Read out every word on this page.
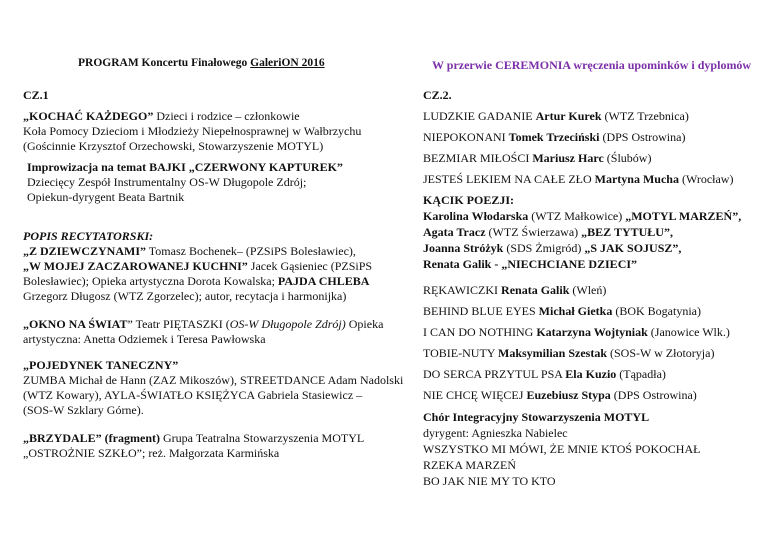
PROGRAM Koncertu Finałowego GaleriON 2016
CZ.1
„KOCHAĆ KAŻDEGO” Dzieci i rodzice – członkowie
Koła Pomocy Dzieciom i Młodzieży Niepełnosprawnej w Wałbrzychu
(Gościnnie Krzysztof Orzechowski, Stowarzyszenie MOTYL)
Improwizacja na temat BAJKI „CZERWONY KAPTUREK”
Dziecięcy Zespół Instrumentalny OS-W Długopole Zdrój;
Opiekun-dyrygent Beata Bartnik
POPIS RECYTATORSKI:
„Z DZIEWCZYNAMI” Tomasz Bochenek– (PZSiPS Bolesławiec),
„W MOJEJ ZACZAROWANEJ KUCHNI” Jacek Gąsieniec (PZSiPS
Bolesławiec); Opieka artystyczna Dorota Kowalska; PAJDA CHLEBA
Grzegorz Długosz (WTZ Zgorzelec); autor, recytacja i harmonijka)
„OKNO NA ŚWIAT” Teatr PIĘTASZKI (OS-W Długopole Zdrój) Opieka
artystyczna: Anetta Odziemek i Teresa Pawłowska
„POJEDYNEK TANECZNY”
ZUMBA Michał de Hann (ZAZ Mikoszów), STREETDANCE Adam Nadolski
(WTZ Kowary), AYLA-ŚWIATŁO KSIĘŻYCA Gabriela Stasiewicz –
(SOS-W Szklary Górne).
„BRZYDALE” (fragment) Grupa Teatralna Stowarzyszenia MOTYL
„OSTROŻNIE SZKŁO”; reż. Małgorzata Karmińska
W przerwie CEREMONIA wręczenia upominków i dyplomów
CZ.2.
LUDZKIE GADANIE Artur Kurek (WTZ Trzebnica)
NIEPOKONANI Tomek Trzeciński (DPS Ostrowina)
BEZMIAR MIŁOŚCI Mariusz Harc (Ślubów)
JESTEŚ LEKIEM NA CAŁE ZŁO Martyna Mucha (Wrocław)
KĄCIK POEZJI:
Karolina Włodarska (WTZ Małkowice) „MOTYL MARZEŃ”,
Agata Tracz (WTZ Świerzawa) „BEZ TYTUŁU”,
Joanna Stróżyk (SDS Żmigród) „S JAK SOJUSZ”,
Renata Galik - „NIECHCIANE DZIECI”
RĘKAWICZKI Renata Galik (Wleń)
BEHIND BLUE EYES Michał Gietka (BOK Bogatynia)
I CAN DO NOTHING Katarzyna Wojtyniak (Janowice Wlk.)
TOBIE-NUTY Maksymilian Szestak (SOS-W w Złotoryja)
DO SERCA PRZYTUL PSA Ela Kuzio (Tąpadła)
NIE CHCĘ WIĘCEJ Euzebiusz Stypa (DPS Ostrowina)
Chór Integracyjny Stowarzyszenia MOTYL
dyrygent: Agnieszka Nabielec
WSZYSTKO MI MÓWI, ŻE MNIE KTOŚ POKOCHAŁ
RZEKA MARZEŃ
BO JAK NIE MY TO KTO
